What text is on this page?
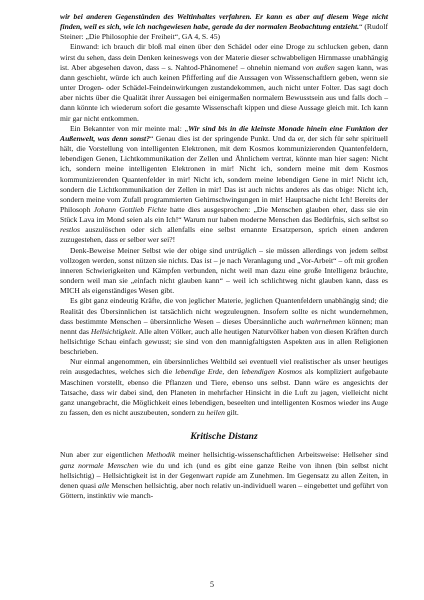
wir bei anderen Gegenständen des Weltinhaltes verfahren. Er kann es aber auf diesem Wege nicht finden, weil es sich, wie ich nachgewiesen habe, gerade da der normalen Beobachtung entzieht.“ (Rudolf Steiner: „Die Philosophie der Freiheit“, GA 4, S. 45)

Einwand: ich brauch dir bloß mal einen über den Schädel oder eine Droge zu schlucken geben, dann wirst du sehen, dass dein Denken keineswegs von der Materie dieser schwabbeligen Hirnmasse unabhängig ist. Aber abgesehen davon, dass – s. Nahtod-Phänomene! – ohnehin niemand von außen sagen kann, was dann geschieht, würde ich auch keinen Pfifferling auf die Aussagen von Wissenschaftlern geben, wenn sie unter Drogen- oder Schädel-Feindeinwirkungen zustandekommen, auch nicht unter Folter. Das sagt doch aber nichts über die Qualität ihrer Aussagen bei einigermaßen normalem Bewusstsein aus und falls doch – dann könnte ich wiederum sofort die gesamte Wissenschaft kippen und diese Aussage gleich mit. Ich kann mir gar nicht entkommen.

Ein Bekannter von mir meinte mal: „Wir sind bis in die kleinste Monade hinein eine Funktion der Außenwelt, was denn sonst?“ Genau dies ist der springende Punkt. Und da er, der sich für sehr spirituell hält, die Vorstellung von intelligenten Elektronen, mit dem Kosmos kommunizierenden Quantenfeldern, lebendigen Genen, Lichtkommunikation der Zellen und Ähnlichem vertrat, könnte man hier sagen: Nicht ich, sondern meine intelligenten Elektronen in mir! Nicht ich, sondern meine mit dem Kosmos kommunizierenden Quantenfelder in mir! Nicht ich, sondern meine lebendigen Gene in mir! Nicht ich, sondern die Lichtkommunikation der Zellen in mir! Das ist auch nichts anderes als das obige: Nicht ich, sondern meine vom Zufall programmierten Gehirnschwingungen in mir! Hauptsache nicht Ich! Bereits der Philosoph Johann Gottlieb Fichte hatte dies ausgesprochen: „Die Menschen glauben eher, dass sie ein Stück Lava im Mond seien als ein Ich!“ Warum nur haben moderne Menschen das Bedürfnis, sich selbst so restlos auszulöschen oder sich allenfalls eine selbst ernannte Ersatzperson, sprich einen anderen zuzugestehen, dass er selber wer sei?!

Denk-Beweise Meiner Selbst wie der obige sind untrüglich – sie müssen allerdings von jedem selbst vollzogen werden, sonst nützen sie nichts. Das ist – je nach Veranlagung und „Vor-Arbeit“ – oft mit großen inneren Schwierigkeiten und Kämpfen verbunden, nicht weil man dazu eine große Intelligenz bräuchte, sondern weil man sie „einfach nicht glauben kann“ – weil ich schlichtweg nicht glauben kann, dass es MICH als eigenständiges Wesen gibt.

Es gibt ganz eindeutig Kräfte, die von jeglicher Materie, jeglichen Quantenfeldern unabhängig sind; die Realität des Übersinnlichen ist tatsächlich nicht wegzuleugnen. Insofern sollte es nicht wundernehmen, dass bestimmte Menschen – übersinnliche Wesen – dieses Übersinnliche auch wahrnehmen können; man nennt das Hellsichtigkeit. Alle alten Völker, auch alle heutigen Naturvölker haben von diesen Kräften durch hellsichtige Schau einfach gewusst; sie sind von den mannigfaltigsten Aspekten aus in allen Religionen beschrieben.

Nur einmal angenommen, ein übersinnliches Weltbild sei eventuell viel realistischer als unser heutiges rein ausgedachtes, welches sich die lebendige Erde, den lebendigen Kosmos als kompliziert aufgebaute Maschinen vorstellt, ebenso die Pflanzen und Tiere, ebenso uns selbst. Dann wäre es angesichts der Tatsache, dass wir dabei sind, den Planeten in mehrfacher Hinsicht in die Luft zu jagen, vielleicht nicht ganz unangebracht, die Möglichkeit eines lebendigen, beseelten und intelligenten Kosmos wieder ins Auge zu fassen, den es nicht auszubeuten, sondern zu heilen gilt.

Kritische Distanz

Nun aber zur eigentlichen Methodik meiner hellsichtig-wissenschaftlichen Arbeitsweise: Hellseher sind ganz normale Menschen wie du und ich (und es gibt eine ganze Reihe von ihnen (bin selbst nicht hellsichtig) – Hellsichtigkeit ist in der Gegenwart rapide am Zunehmen. Im Gegensatz zu allen Zeiten, in denen quasi alle Menschen hellsichtig, aber noch relativ un-individuell waren – eingebettet und geführt von Göttern, instinktiv wie manch-

5
